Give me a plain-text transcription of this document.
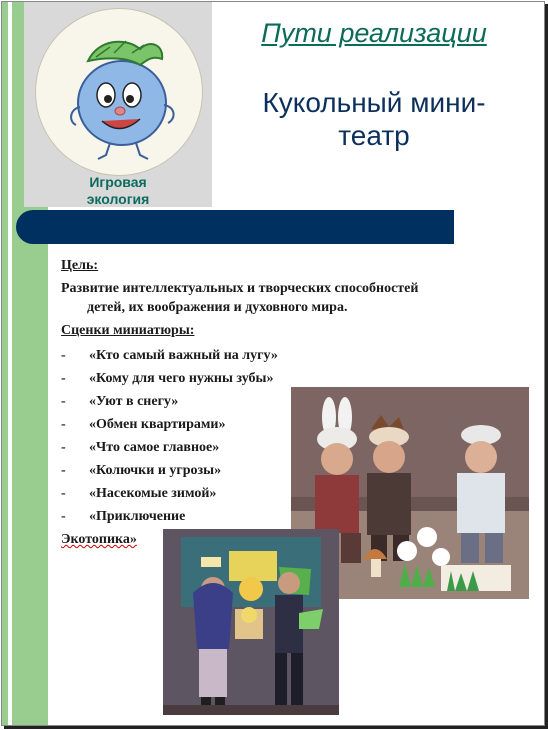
Игровая
экология
Пути реализации
Кукольный мини-
театр
Цель:
Развитие интеллектуальных и творческих способностей
детей, их воображения и духовного мира.
Сценки миниатюры:
- «Кто самый важный на лугу»
- «Кому для чего нужны зубы»
- «Уют в снегу»
- «Обмен квартирами»
- «Что самое главное»
- «Колючки и угрозы»
- «Насекомые зимой»
- «Приключение
Экотопика»
